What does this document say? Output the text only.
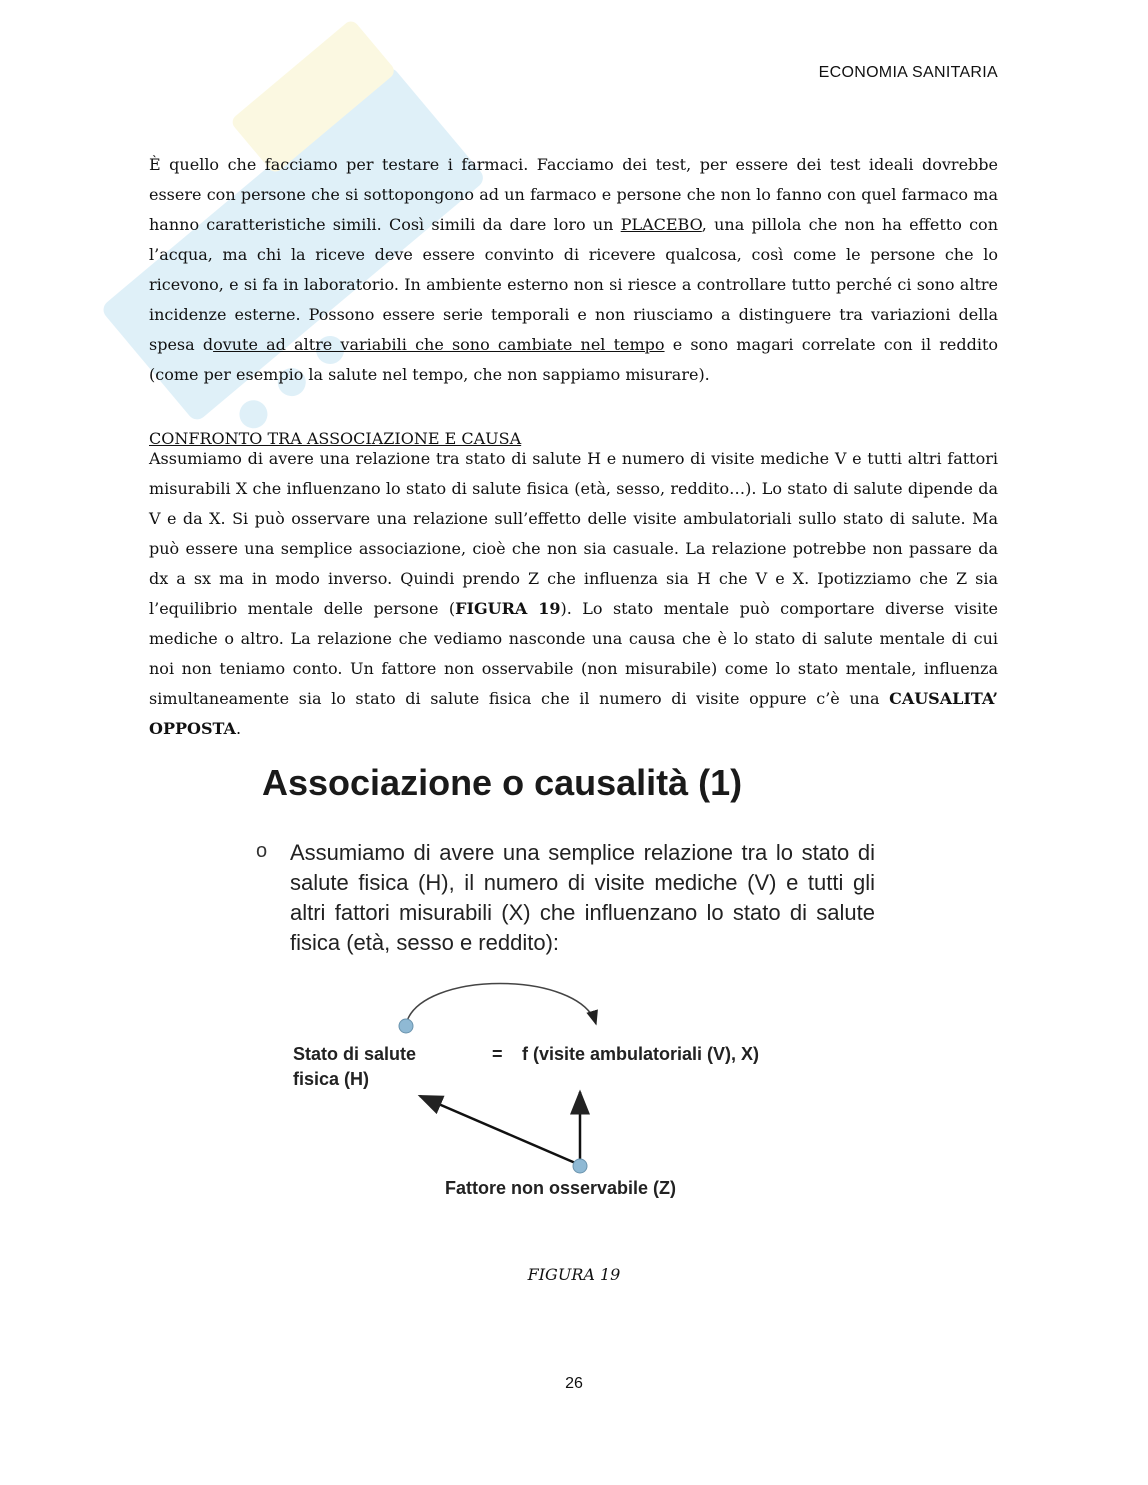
ECONOMIA SANITARIA

È quello che facciamo per testare i farmaci. Facciamo dei test, per essere dei test ideali dovrebbe essere con persone che si sottopongono ad un farmaco e persone che non lo fanno con quel farmaco ma hanno caratteristiche simili. Così simili da dare loro un PLACEBO, una pillola che non ha effetto con l’acqua, ma chi la riceve deve essere convinto di ricevere qualcosa, così come le persone che lo ricevono, e si fa in laboratorio. In ambiente esterno non si riesce a controllare tutto perché ci sono altre incidenze esterne. Possono essere serie temporali e non riusciamo a distinguere tra variazioni della spesa dovute ad altre variabili che sono cambiate nel tempo e sono magari correlate con il reddito (come per esempio la salute nel tempo, che non sappiamo misurare).

CONFRONTO TRA ASSOCIAZIONE E CAUSA

Assumiamo di avere una relazione tra stato di salute H e numero di visite mediche V e tutti altri fattori misurabili X che influenzano lo stato di salute fisica (età, sesso, reddito…). Lo stato di salute dipende da V e da X. Si può osservare una relazione sull’effetto delle visite ambulatoriali sullo stato di salute. Ma può essere una semplice associazione, cioè che non sia casuale. La relazione potrebbe non passare da dx a sx ma in modo inverso. Quindi prendo Z che influenza sia H che V e X. Ipotizziamo che Z sia l’equilibrio mentale delle persone (FIGURA 19). Lo stato mentale può comportare diverse visite mediche o altro. La relazione che vediamo nasconde una causa che è lo stato di salute mentale di cui noi non teniamo conto. Un fattore non osservabile (non misurabile) come lo stato mentale, influenza simultaneamente sia lo stato di salute fisica che il numero di visite oppure c’è una CAUSALITA’ OPPOSTA.

Associazione o causalità (1)
o Assumiamo di avere una semplice relazione tra lo stato di salute fisica (H), il numero di visite mediche (V) e tutti gli altri fattori misurabili (X) che influenzano lo stato di salute fisica (età, sesso e reddito):

Stato di salute
fisica (H)
= f (visite ambulatoriali (V), X)
Fattore non osservabile (Z)
FIGURA 19
26
